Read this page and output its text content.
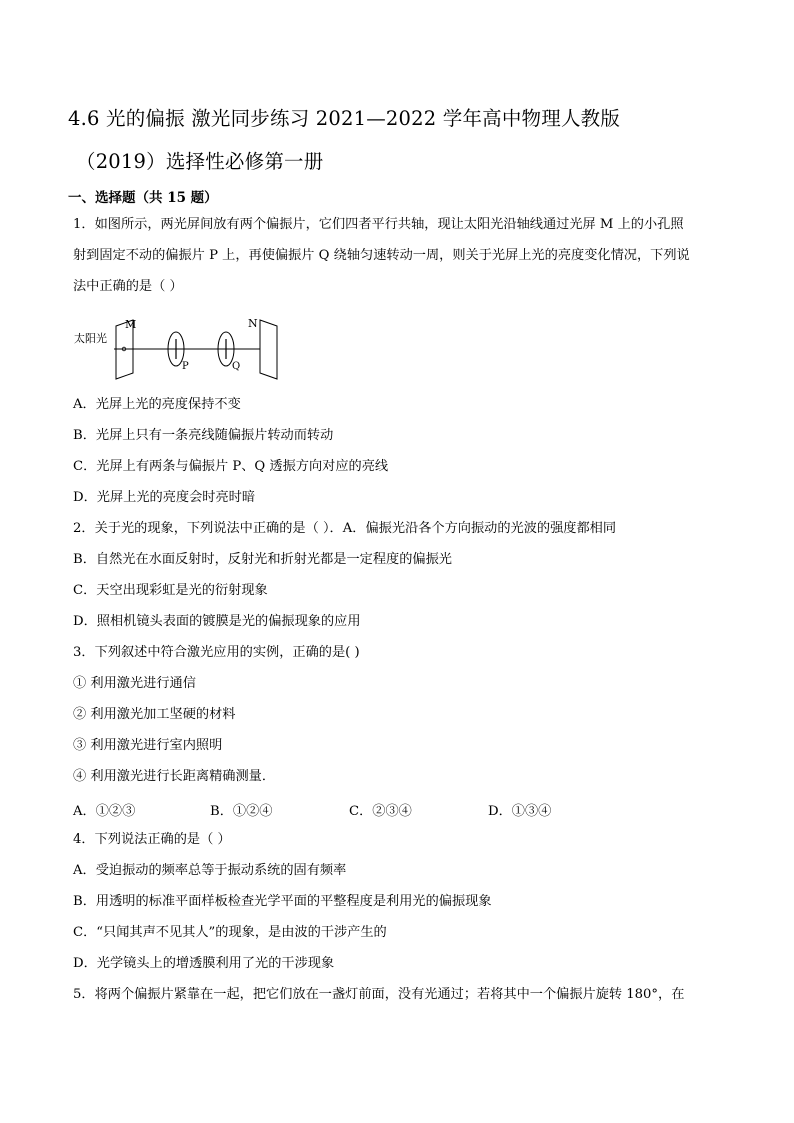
4.6 光的偏振 激光同步练习 2021—2022 学年高中物理人教版
（2019）选择性必修第一册
一、选择题（共 15 题）
1．如图所示，两光屏间放有两个偏振片，它们四者平行共轴，现让太阳光沿轴线通过光屏 M 上的小孔照
射到固定不动的偏振片 P 上，再使偏振片 Q 绕轴匀速转动一周，则关于光屏上光的亮度变化情况，下列说
法中正确的是（ ）
太阳光
M
P	Q
N
A．光屏上光的亮度保持不变
B．光屏上只有一条亮线随偏振片转动而转动
C．光屏上有两条与偏振片 P、Q 透振方向对应的亮线
D．光屏上光的亮度会时亮时暗
2．关于光的现象，下列说法中正确的是（ ）．A．偏振光沿各个方向振动的光波的强度都相同
B．自然光在水面反射时，反射光和折射光都是一定程度的偏振光
C．天空出现彩虹是光的衍射现象
D．照相机镜头表面的镀膜是光的偏振现象的应用
3．下列叙述中符合激光应用的实例，正确的是( )
① 利用激光进行通信
② 利用激光加工坚硬的材料
③ 利用激光进行室内照明
④ 利用激光进行长距离精确测量．
A．①②③	B．①②④	C．②③④	D．①③④
4．下列说法正确的是（ ）
A．受迫振动的频率总等于振动系统的固有频率
B．用透明的标准平面样板检查光学平面的平整程度是利用光的偏振现象
C．“只闻其声不见其人”的现象，是由波的干涉产生的
D．光学镜头上的增透膜利用了光的干涉现象
5．将两个偏振片紧靠在一起，把它们放在一盏灯前面，没有光通过；若将其中一个偏振片旋转 180°，在
